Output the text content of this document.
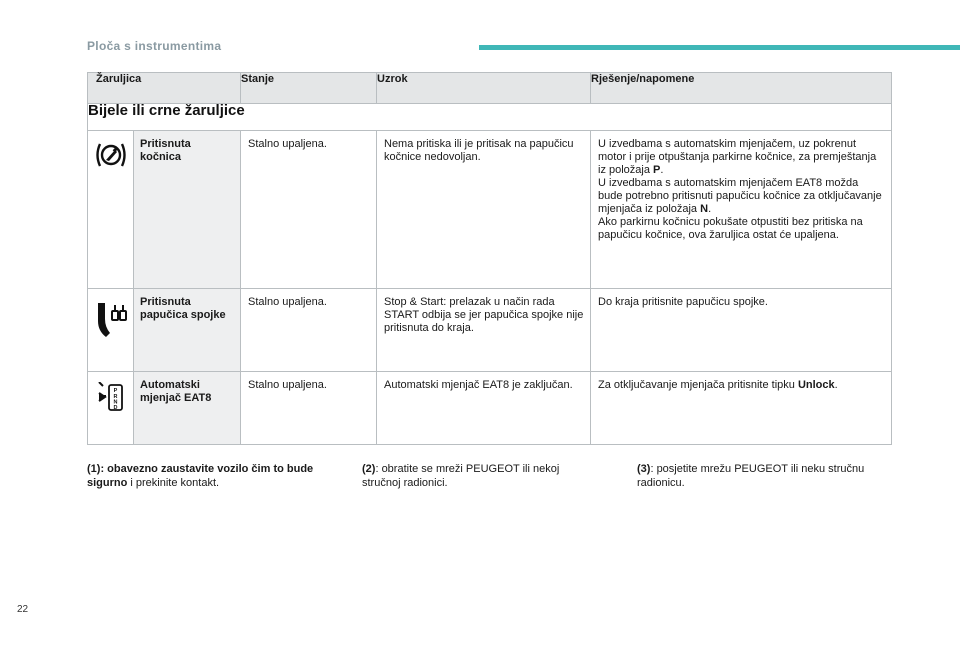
Ploča s instrumentima
Žaruljica		Stanje	Uzrok	Rješenje/napomene
Bijele ili crne žaruljice				

	Pritisnuta kočnica	Stalno upaljena.	Nema pritiska ili je pritisak na papučicu kočnice nedovoljan.	U izvedbama s automatskim mjenjačem, uz pokrenut motor i prije otpuštanja parkirne kočnice, za premještanja iz položaja P.
U izvedbama s automatskim mjenjačem EAT8 možda bude potrebno pritisnuti papučicu kočnice za otključavanje mjenjača iz položaja N.
Ako parkirnu kočnicu pokušate otpustiti bez pritiska na papučicu kočnice, ova žaruljica ostat će upaljena.

	Pritisnuta papučica spojke	Stalno upaljena.	Stop & Start: prelazak u način rada START odbija se jer papučica spojke nije pritisnuta do kraja.	Do kraja pritisnite papučicu spojke.

P
R
N
D	Automatski mjenjač EAT8	Stalno upaljena.	Automatski mjenjač EAT8 je zaključan.	Za otključavanje mjenjača pritisnite tipku Unlock.
(1): obavezno zaustavite vozilo čim to bude sigurno i prekinite kontakt.
(2): obratite se mreži PEUGEOT ili nekoj stručnoj radionici.
(3): posjetite mrežu PEUGEOT ili neku stručnu radionicu.
22
